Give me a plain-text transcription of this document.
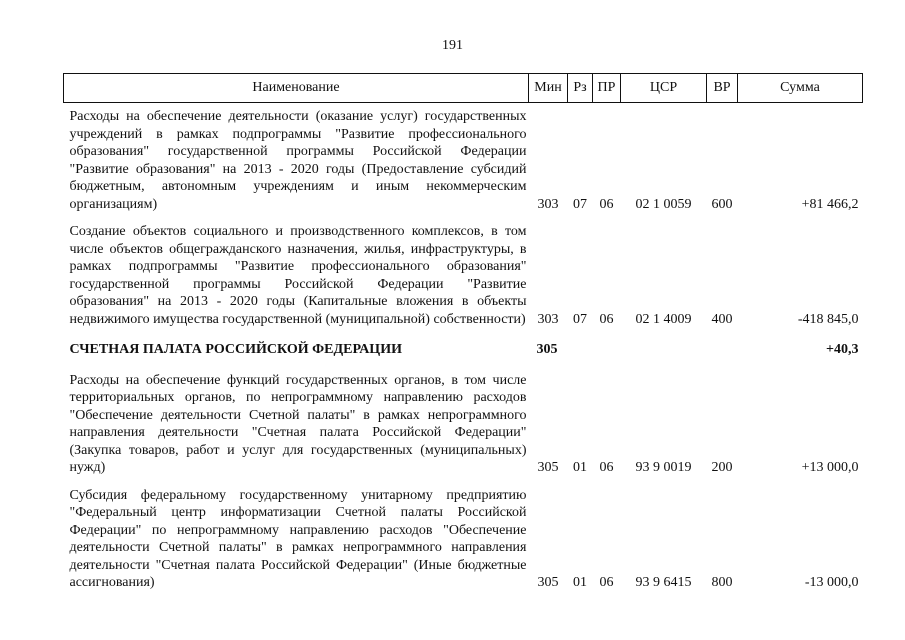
191
Наименование	Мин	Рз	ПР	ЦСР	ВР	Сумма
Расходы на обеспечение деятельности (оказание услуг) государственных учреждений в рамках подпрограммы "Развитие профессионального образования" государственной программы Российской Федерации "Развитие образования" на 2013 - 2020 годы (Предоставление субсидий бюджетным, автономным учреждениям и иным некоммерческим организациям)	303	07	06	02 1 0059	600	+81 466,2
Создание объектов социального и производственного комплексов, в том числе объектов общегражданского назначения, жилья, инфраструктуры, в рамках подпрограммы "Развитие профессионального образования" государственной программы Российской Федерации "Развитие образования" на 2013 - 2020 годы (Капитальные вложения в объекты недвижимого имущества государственной (муниципальной) собственности)	303	07	06	02 1 4009	400	-418 845,0
СЧЕТНАЯ ПАЛАТА РОССИЙСКОЙ ФЕДЕРАЦИИ	305					+40,3
Расходы на обеспечение функций государственных органов, в том числе территориальных органов, по непрограммному направлению расходов "Обеспечение деятельности Счетной палаты" в рамках непрограммного направления деятельности "Счетная палата Российской Федерации" (Закупка товаров, работ и услуг для государственных (муниципальных) нужд)	305	01	06	93 9 0019	200	+13 000,0
Субсидия федеральному государственному унитарному предприятию "Федеральный центр информатизации Счетной палаты Российской Федерации" по непрограммному направлению расходов "Обеспечение деятельности Счетной палаты" в рамках непрограммного направления деятельности "Счетная палата Российской Федерации" (Иные бюджетные ассигнования)	305	01	06	93 9 6415	800	-13 000,0
